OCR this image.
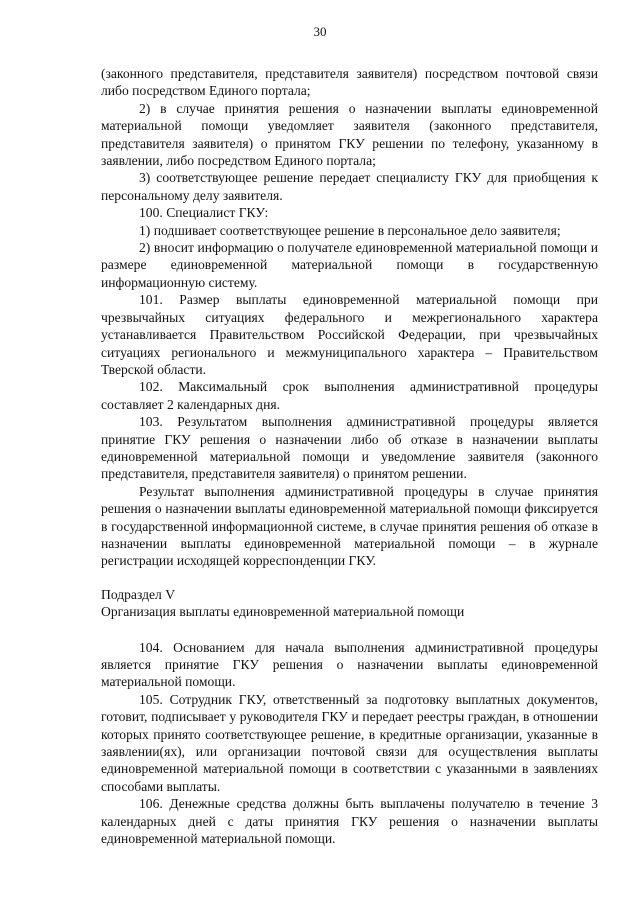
30

(законного представителя, представителя заявителя) посредством почтовой связи либо посредством Единого портала;

2) в случае принятия решения о назначении выплаты единовременной материальной помощи уведомляет заявителя (законного представителя, представителя заявителя) о принятом ГКУ решении по телефону, указанному в заявлении, либо посредством Единого портала;

3) соответствующее решение передает специалисту ГКУ для приобщения к персональному делу заявителя.

100. Специалист ГКУ:

1) подшивает соответствующее решение в персональное дело заявителя;

2) вносит информацию о получателе единовременной материальной помощи и размере единовременной материальной помощи в государственную информационную систему.

101. Размер выплаты единовременной материальной помощи при чрезвычайных ситуациях федерального и межрегионального характера устанавливается Правительством Российской Федерации, при чрезвычайных ситуациях регионального и межмуниципального характера – Правительством Тверской области.

102. Максимальный срок выполнения административной процедуры составляет 2 календарных дня.

103. Результатом выполнения административной процедуры является принятие ГКУ решения о назначении либо об отказе в назначении выплаты единовременной материальной помощи и уведомление заявителя (законного представителя, представителя заявителя) о принятом решении.

Результат выполнения административной процедуры в случае принятия решения о назначении выплаты единовременной материальной помощи фиксируется в государственной информационной системе, в случае принятия решения об отказе в назначении выплаты единовременной материальной помощи – в журнале регистрации исходящей корреспонденции ГКУ.

Подраздел V

Организация выплаты единовременной материальной помощи

104. Основанием для начала выполнения административной процедуры является принятие ГКУ решения о назначении выплаты единовременной материальной помощи.

105. Сотрудник ГКУ, ответственный за подготовку выплатных документов, готовит, подписывает у руководителя ГКУ и передает реестры граждан, в отношении которых принято соответствующее решение, в кредитные организации, указанные в заявлении(ях), или организации почтовой связи для осуществления выплаты единовременной материальной помощи в соответствии с указанными в заявлениях способами выплаты.

106. Денежные средства должны быть выплачены получателю в течение 3 календарных дней с даты принятия ГКУ решения о назначении выплаты единовременной материальной помощи.
